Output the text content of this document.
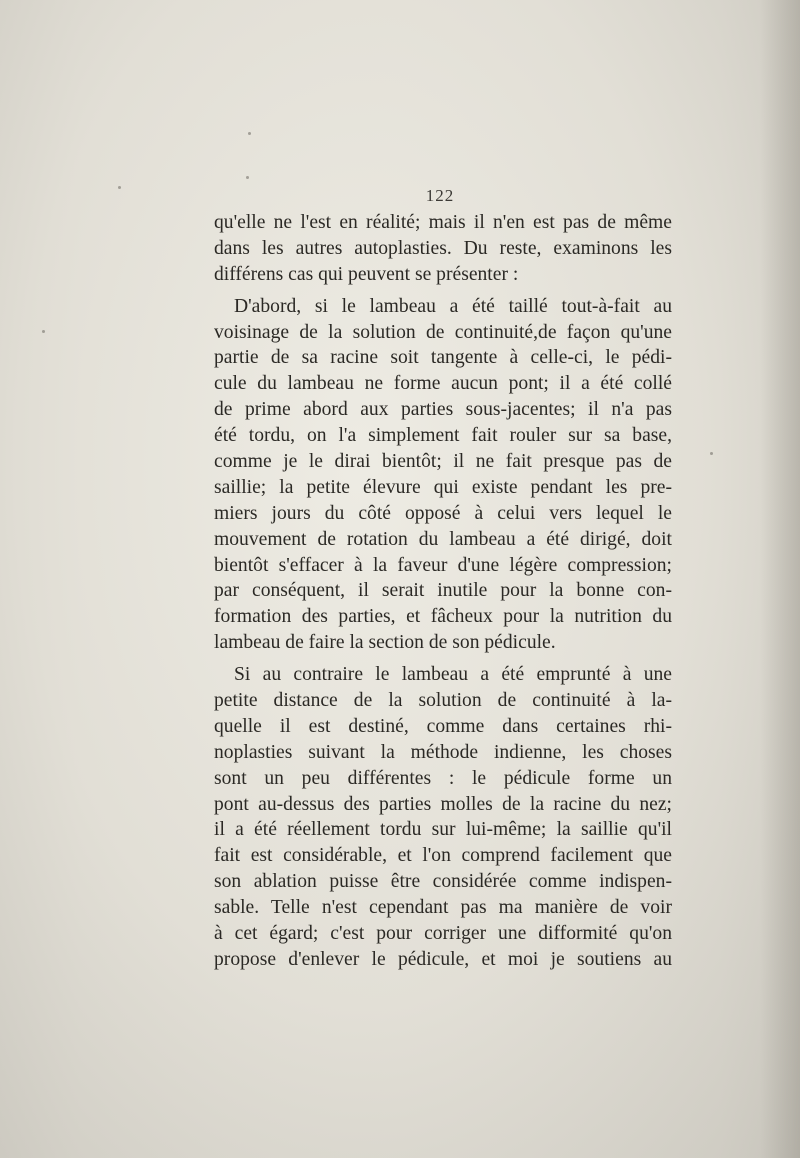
122
qu'elle ne l'est en réalité; mais il n'en est pas de même
dans les autres autoplasties. Du reste, examinons les
différens cas qui peuvent se présenter :
D'abord, si le lambeau a été taillé tout-à-fait au
voisinage de la solution de continuité,de façon qu'une
partie de sa racine soit tangente à celle-ci, le pédi-
cule du lambeau ne forme aucun pont; il a été collé
de prime abord aux parties sous-jacentes; il n'a pas
été tordu, on l'a simplement fait rouler sur sa base,
comme je le dirai bientôt; il ne fait presque pas de
saillie; la petite élevure qui existe pendant les pre-
miers jours du côté opposé à celui vers lequel le
mouvement de rotation du lambeau a été dirigé, doit
bientôt s'effacer à la faveur d'une légère compression;
par conséquent, il serait inutile pour la bonne con-
formation des parties, et fâcheux pour la nutrition du
lambeau de faire la section de son pédicule.
Si au contraire le lambeau a été emprunté à une
petite distance de la solution de continuité à la-
quelle il est destiné, comme dans certaines rhi-
noplasties suivant la méthode indienne, les choses
sont un peu différentes : le pédicule forme un
pont au-dessus des parties molles de la racine du nez;
il a été réellement tordu sur lui-même; la saillie qu'il
fait est considérable, et l'on comprend facilement que
son ablation puisse être considérée comme indispen-
sable. Telle n'est cependant pas ma manière de voir
à cet égard; c'est pour corriger une difformité qu'on
propose d'enlever le pédicule, et moi je soutiens au
